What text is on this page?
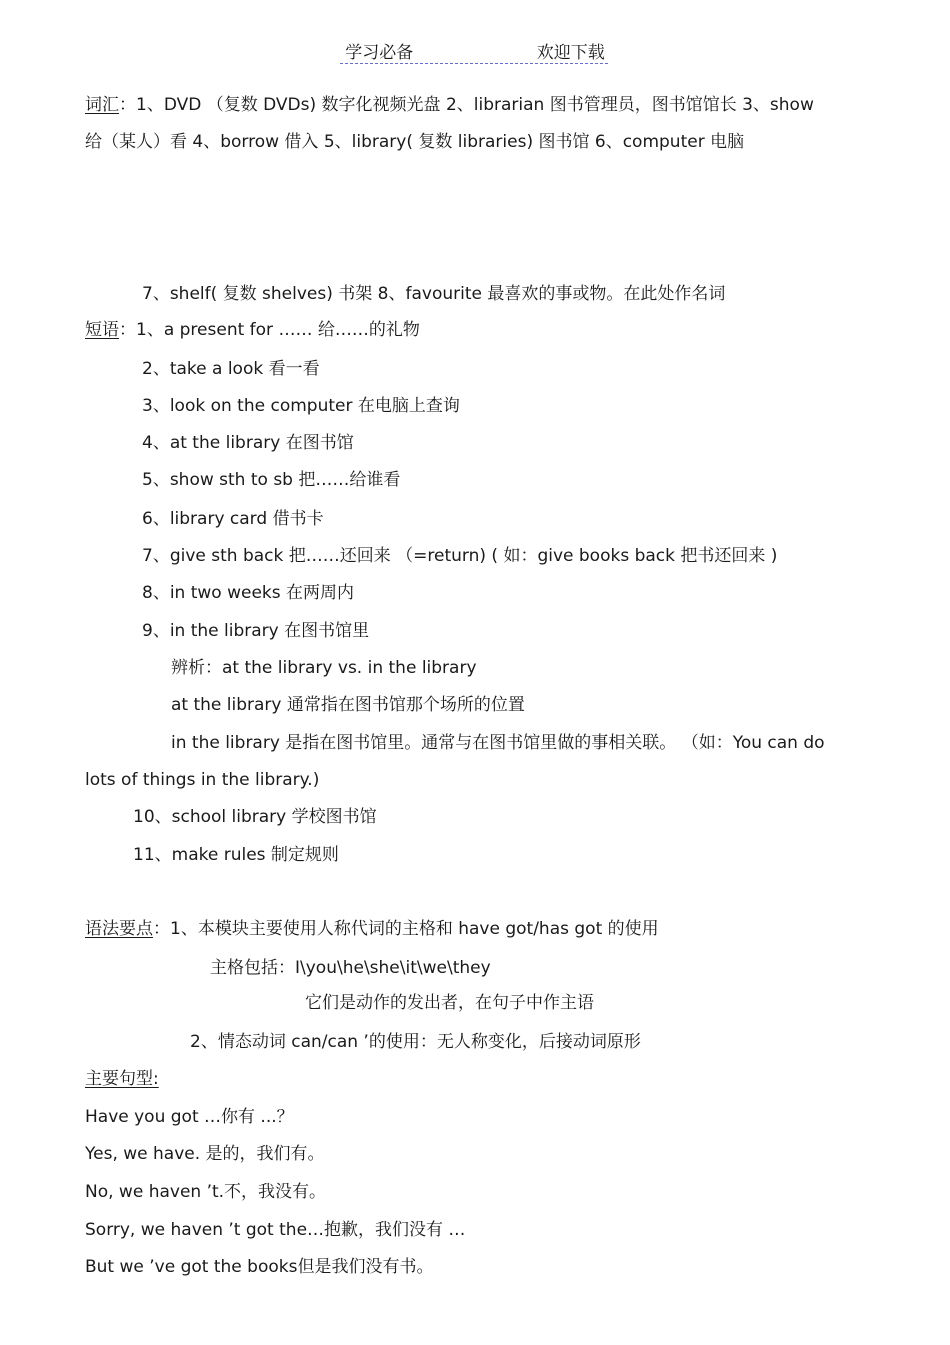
学习必备	欢迎下载
词汇：1、DVD （复数 DVDs) 数字化视频光盘 2、librarian 图书管理员，图书馆馆长 3、show
给（某人）看 4、borrow 借入 5、library( 复数 libraries) 图书馆 6、computer 电脑
7、shelf( 复数 shelves) 书架 8、favourite 最喜欢的事或物。在此处作名词
短语：1、a present for …… 给……的礼物
2、take a look 看一看
3、look on the computer 在电脑上查询
4、at the library 在图书馆
5、show sth to sb 把……给谁看
6、library card 借书卡
7、give sth back 把……还回来 （=return) ( 如：give books back 把书还回来 )
8、in two weeks 在两周内
9、in the library 在图书馆里
辨析：at the library vs. in the library
at the library 通常指在图书馆那个场所的位置
in the library 是指在图书馆里。通常与在图书馆里做的事相关联。 （如：You can do
lots of things in the library.)
10、school library 学校图书馆
11、make rules 制定规则
语法要点：1、本模块主要使用人称代词的主格和 have got/has got 的使用
主格包括：I\you\he\she\it\we\they
它们是动作的发出者，在句子中作主语
2、情态动词 can/can ’的使用：无人称变化，后接动词原形
主要句型:
Have you got …你有 ...？
Yes, we have. 是的，我们有。
No, we haven ’t.不，我没有。
Sorry, we haven ’t got the…抱歉，我们没有 …
But we ’ve got the books但是我们没有书。
